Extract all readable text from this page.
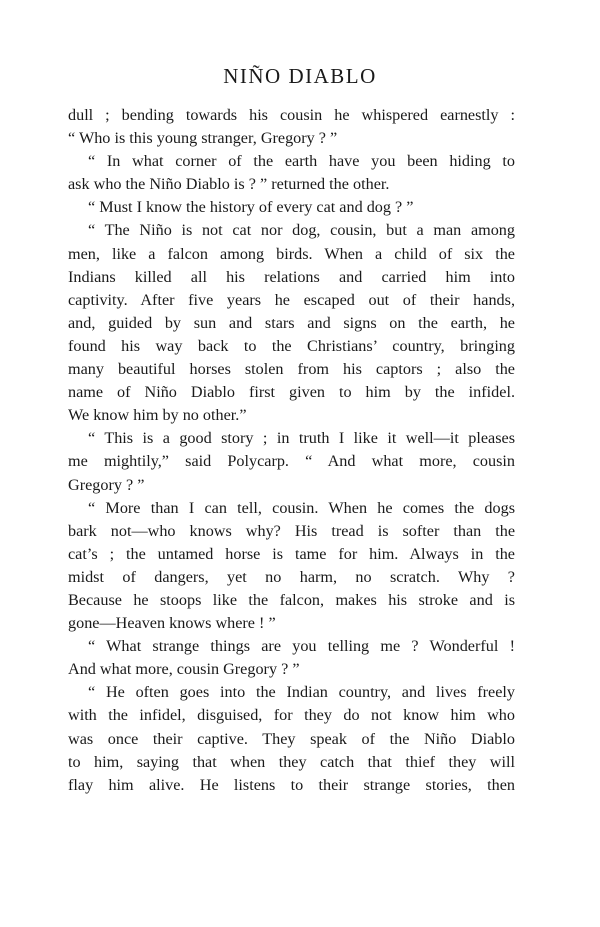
NIÑO DIABLO
dull ; bending towards his cousin he whispered earnestly :
“ Who is this young stranger, Gregory ? ”
“ In what corner of the earth have you been hiding to
ask who the Niño Diablo is ? ” returned the other.
“ Must I know the history of every cat and dog ? ”
“ The Niño is not cat nor dog, cousin, but a man among
men, like a falcon among birds. When a child of six the
Indians killed all his relations and carried him into
captivity. After five years he escaped out of their hands,
and, guided by sun and stars and signs on the earth, he
found his way back to the Christians’ country, bringing
many beautiful horses stolen from his captors ; also the
name of Niño Diablo first given to him by the infidel.
We know him by no other.”
“ This is a good story ; in truth I like it well—it pleases
me mightily,” said Polycarp. “ And what more, cousin
Gregory ? ”
“ More than I can tell, cousin. When he comes the dogs
bark not—who knows why? His tread is softer than the
cat’s ; the untamed horse is tame for him. Always in the
midst of dangers, yet no harm, no scratch. Why ?
Because he stoops like the falcon, makes his stroke and is
gone—Heaven knows where ! ”
“ What strange things are you telling me ? Wonderful !
And what more, cousin Gregory ? ”
“ He often goes into the Indian country, and lives freely
with the infidel, disguised, for they do not know him who
was once their captive. They speak of the Niño Diablo
to him, saying that when they catch that thief they will
flay him alive. He listens to their strange stories, then
